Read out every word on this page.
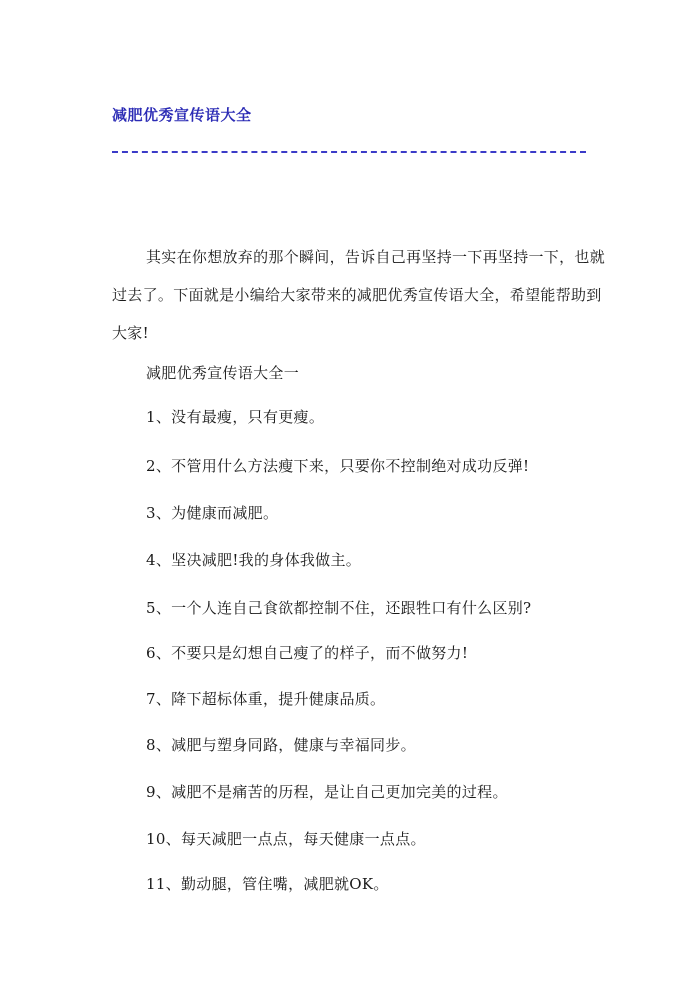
减肥优秀宣传语大全

其实在你想放弃的那个瞬间，告诉自己再坚持一下再坚持一下，也就过去了。下面就是小编给大家带来的减肥优秀宣传语大全，希望能帮助到大家!

减肥优秀宣传语大全一
1、没有最瘦，只有更瘦。
2、不管用什么方法瘦下来，只要你不控制绝对成功反弹!
3、为健康而减肥。
4、坚决减肥!我的身体我做主。
5、一个人连自己食欲都控制不住，还跟牲口有什么区别?
6、不要只是幻想自己瘦了的样子，而不做努力!
7、降下超标体重，提升健康品质。
8、减肥与塑身同路，健康与幸福同步。
9、减肥不是痛苦的历程，是让自己更加完美的过程。
10、每天减肥一点点，每天健康一点点。
11、勤动腿，管住嘴，减肥就OK。
